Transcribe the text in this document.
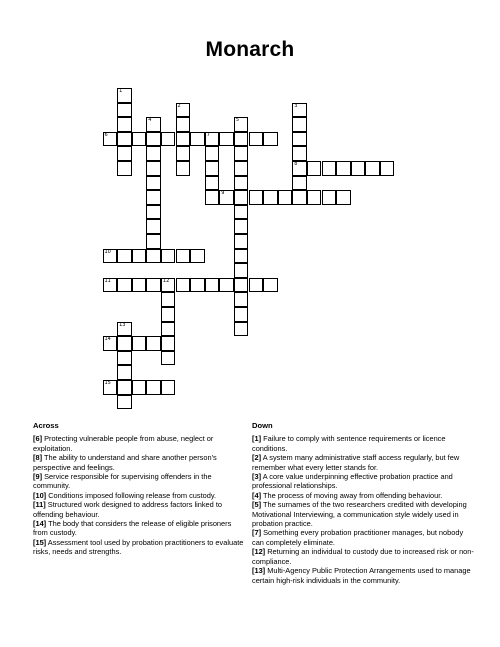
Monarch
6	7
8
9
10
11	12
14
15
1
2	3
4	5
13
Across

[6] Protecting vulnerable people from abuse, neglect or exploitation.

[8] The ability to understand and share another person's perspective and feelings.

[9] Service responsible for supervising offenders in the community.

[10] Conditions imposed following release from custody.

[11] Structured work designed to address factors linked to offending behaviour.

[14] The body that considers the release of eligible prisoners from custody.

[15] Assessment tool used by probation practitioners to evaluate risks, needs and strengths.

Down

[1] Failure to comply with sentence requirements or licence conditions.

[2] A system many administrative staff access regularly, but few remember what every letter stands for.

[3] A core value underpinning effective probation practice and professional relationships.

[4] The process of moving away from offending behaviour.

[5] The surnames of the two researchers credited with developing Motivational Interviewing, a communication style widely used in probation practice.

[7] Something every probation practitioner manages, but nobody can completely eliminate.

[12] Returning an individual to custody due to increased risk or non-compliance.

[13] Multi-Agency Public Protection Arrangements used to manage certain high-risk individuals in the community.
